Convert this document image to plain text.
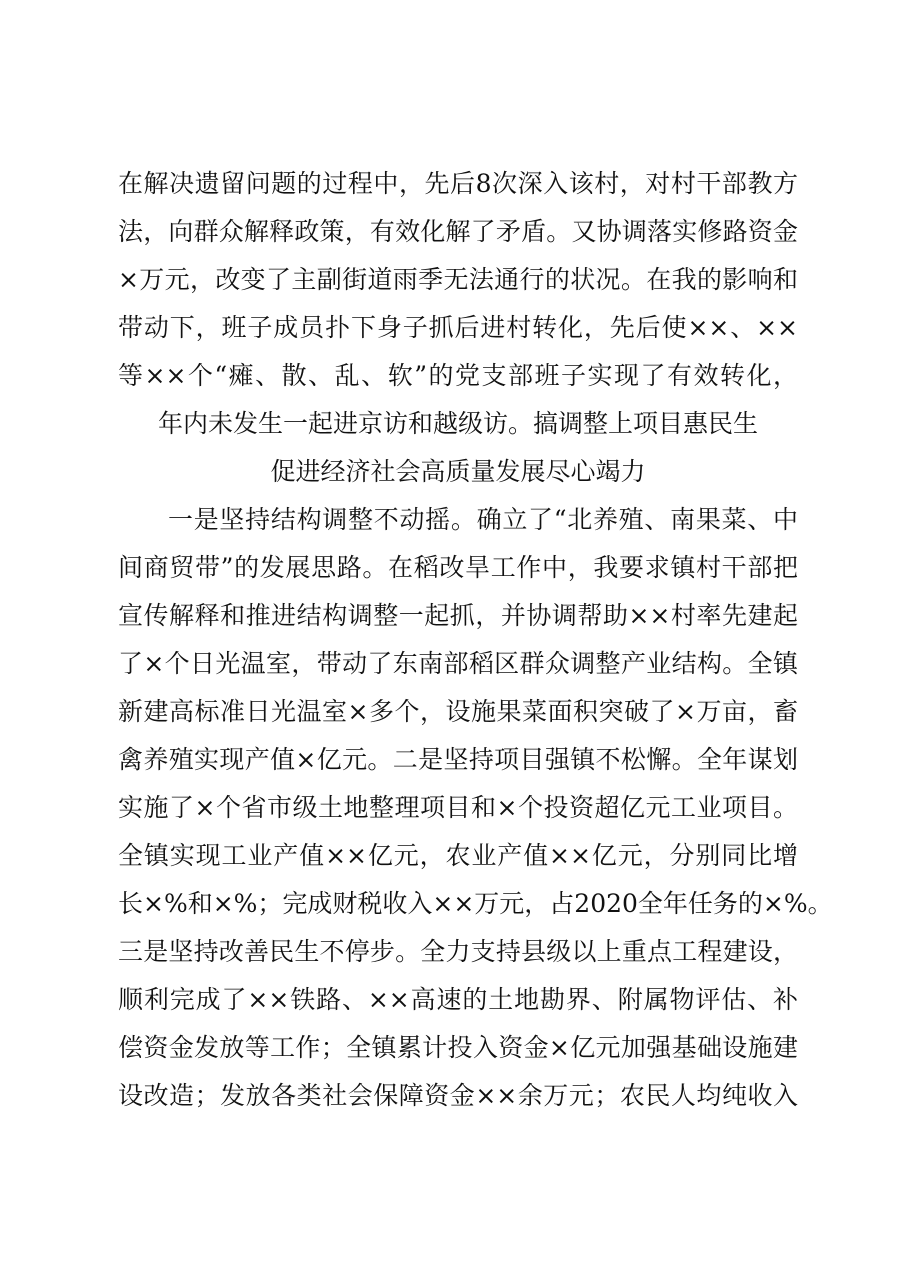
在解决遗留问题的过程中，先后8次深入该村，对村干部教方
法，向群众解释政策，有效化解了矛盾。又协调落实修路资金
×万元，改变了主副街道雨季无法通行的状况。在我的影响和
带动下，班子成员扑下身子抓后进村转化，先后使××、××
等××个“瘫、散、乱、软”的党支部班子实现了有效转化，
年内未发生一起进京访和越级访。搞调整上项目惠民生
促进经济社会高质量发展尽心竭力
一是坚持结构调整不动摇。确立了“北养殖、南果菜、中
间商贸带”的发展思路。在稻改旱工作中，我要求镇村干部把
宣传解释和推进结构调整一起抓，并协调帮助××村率先建起
了×个日光温室，带动了东南部稻区群众调整产业结构。全镇
新建高标准日光温室×多个，设施果菜面积突破了×万亩，畜
禽养殖实现产值×亿元。二是坚持项目强镇不松懈。全年谋划
实施了×个省市级土地整理项目和×个投资超亿元工业项目。
全镇实现工业产值××亿元，农业产值××亿元，分别同比增
长×%和×%；完成财税收入××万元，占2020全年任务的×%。
三是坚持改善民生不停步。全力支持县级以上重点工程建设，
顺利完成了××铁路、××高速的土地勘界、附属物评估、补
偿资金发放等工作；全镇累计投入资金×亿元加强基础设施建
设改造；发放各类社会保障资金××余万元；农民人均纯收入
